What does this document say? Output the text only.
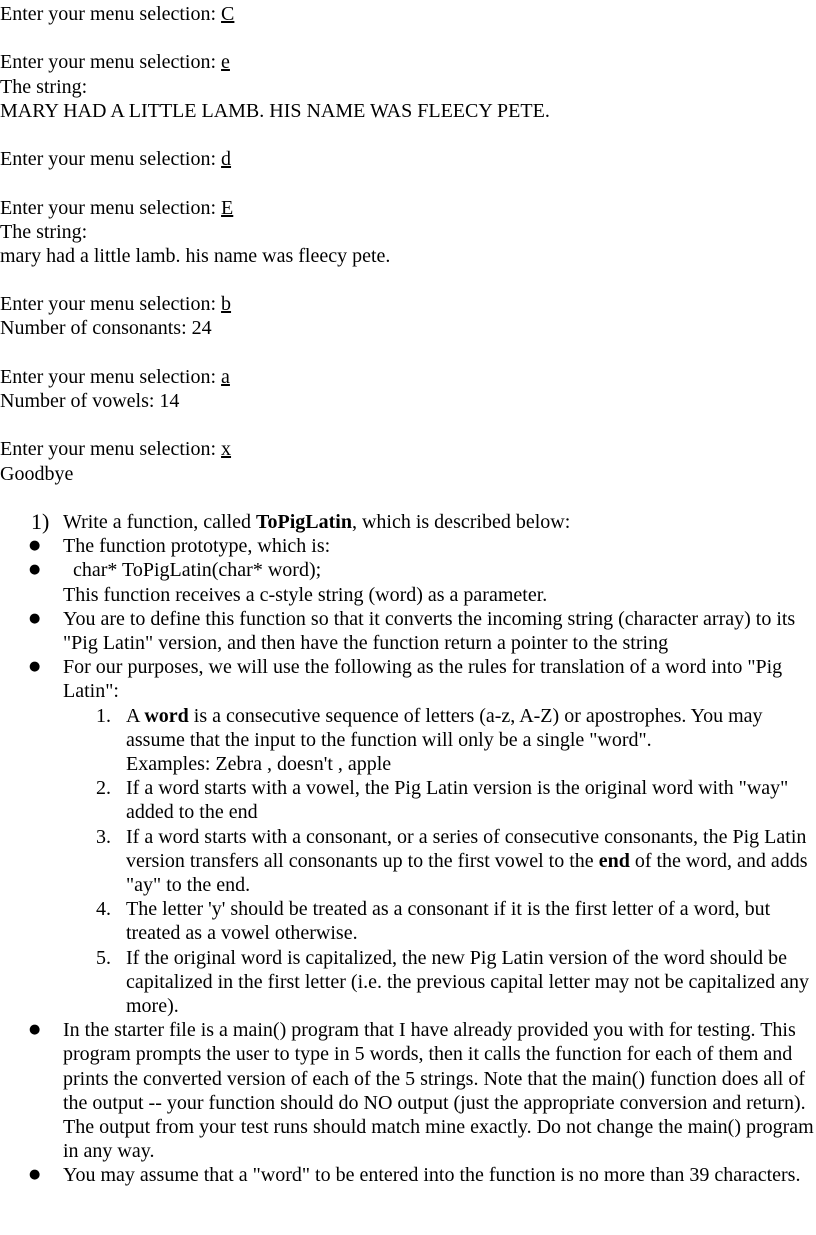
Enter your menu selection: C
Enter your menu selection: e
The string:
MARY HAD A LITTLE LAMB. HIS NAME WAS FLEECY PETE.
Enter your menu selection: d
Enter your menu selection: E
The string:
mary had a little lamb. his name was fleecy pete.
Enter your menu selection: b
Number of consonants: 24
Enter your menu selection: a
Number of vowels: 14
Enter your menu selection: x
Goodbye
1) Write a function, called ToPigLatin, which is described below:
●	The function prototype, which is:
●	char* ToPigLatin(char* word);
This function receives a c-style string (word) as a parameter.
●	You are to define this function so that it converts the incoming string (character array) to its "Pig Latin" version, and then have the function return a pointer to the string
●	For our purposes, we will use the following as the rules for translation of a word into "Pig Latin":
1. A word is a consecutive sequence of letters (a-z, A-Z) or apostrophes. You may assume that the input to the function will only be a single "word".
Examples: Zebra , doesn't , apple
2. If a word starts with a vowel, the Pig Latin version is the original word with "way" added to the end
3. If a word starts with a consonant, or a series of consecutive consonants, the Pig Latin version transfers all consonants up to the first vowel to the end of the word, and adds "ay" to the end.
4. The letter 'y' should be treated as a consonant if it is the first letter of a word, but treated as a vowel otherwise.
5. If the original word is capitalized, the new Pig Latin version of the word should be capitalized in the first letter (i.e. the previous capital letter may not be capitalized any more).
●	In the starter file is a main() program that I have already provided you with for testing. This program prompts the user to type in 5 words, then it calls the function for each of them and prints the converted version of each of the 5 strings. Note that the main() function does all of the output -- your function should do NO output (just the appropriate conversion and return). The output from your test runs should match mine exactly. Do not change the main() program in any way.
●	You may assume that a "word" to be entered into the function is no more than 39 characters.
